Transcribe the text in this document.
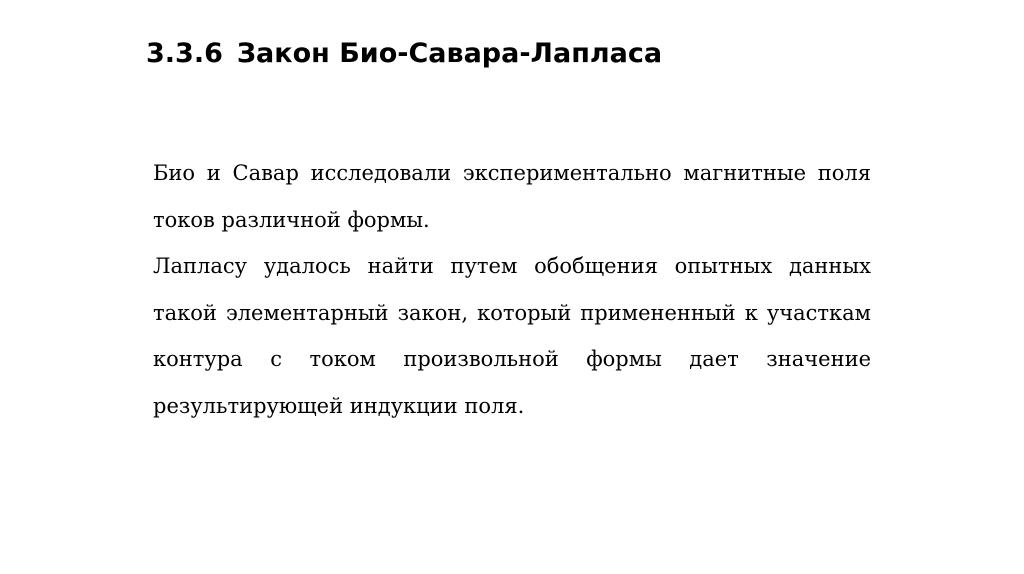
3.3.6 Закон Био-Савара-Лапласа

Био и Савар исследовали экспериментально магнитные поля токов различной формы.

Лапласу удалось найти путем обобщения опытных данных такой элементарный закон, который примененный к участкам контура с током произвольной формы дает значение результирующей индукции поля.
